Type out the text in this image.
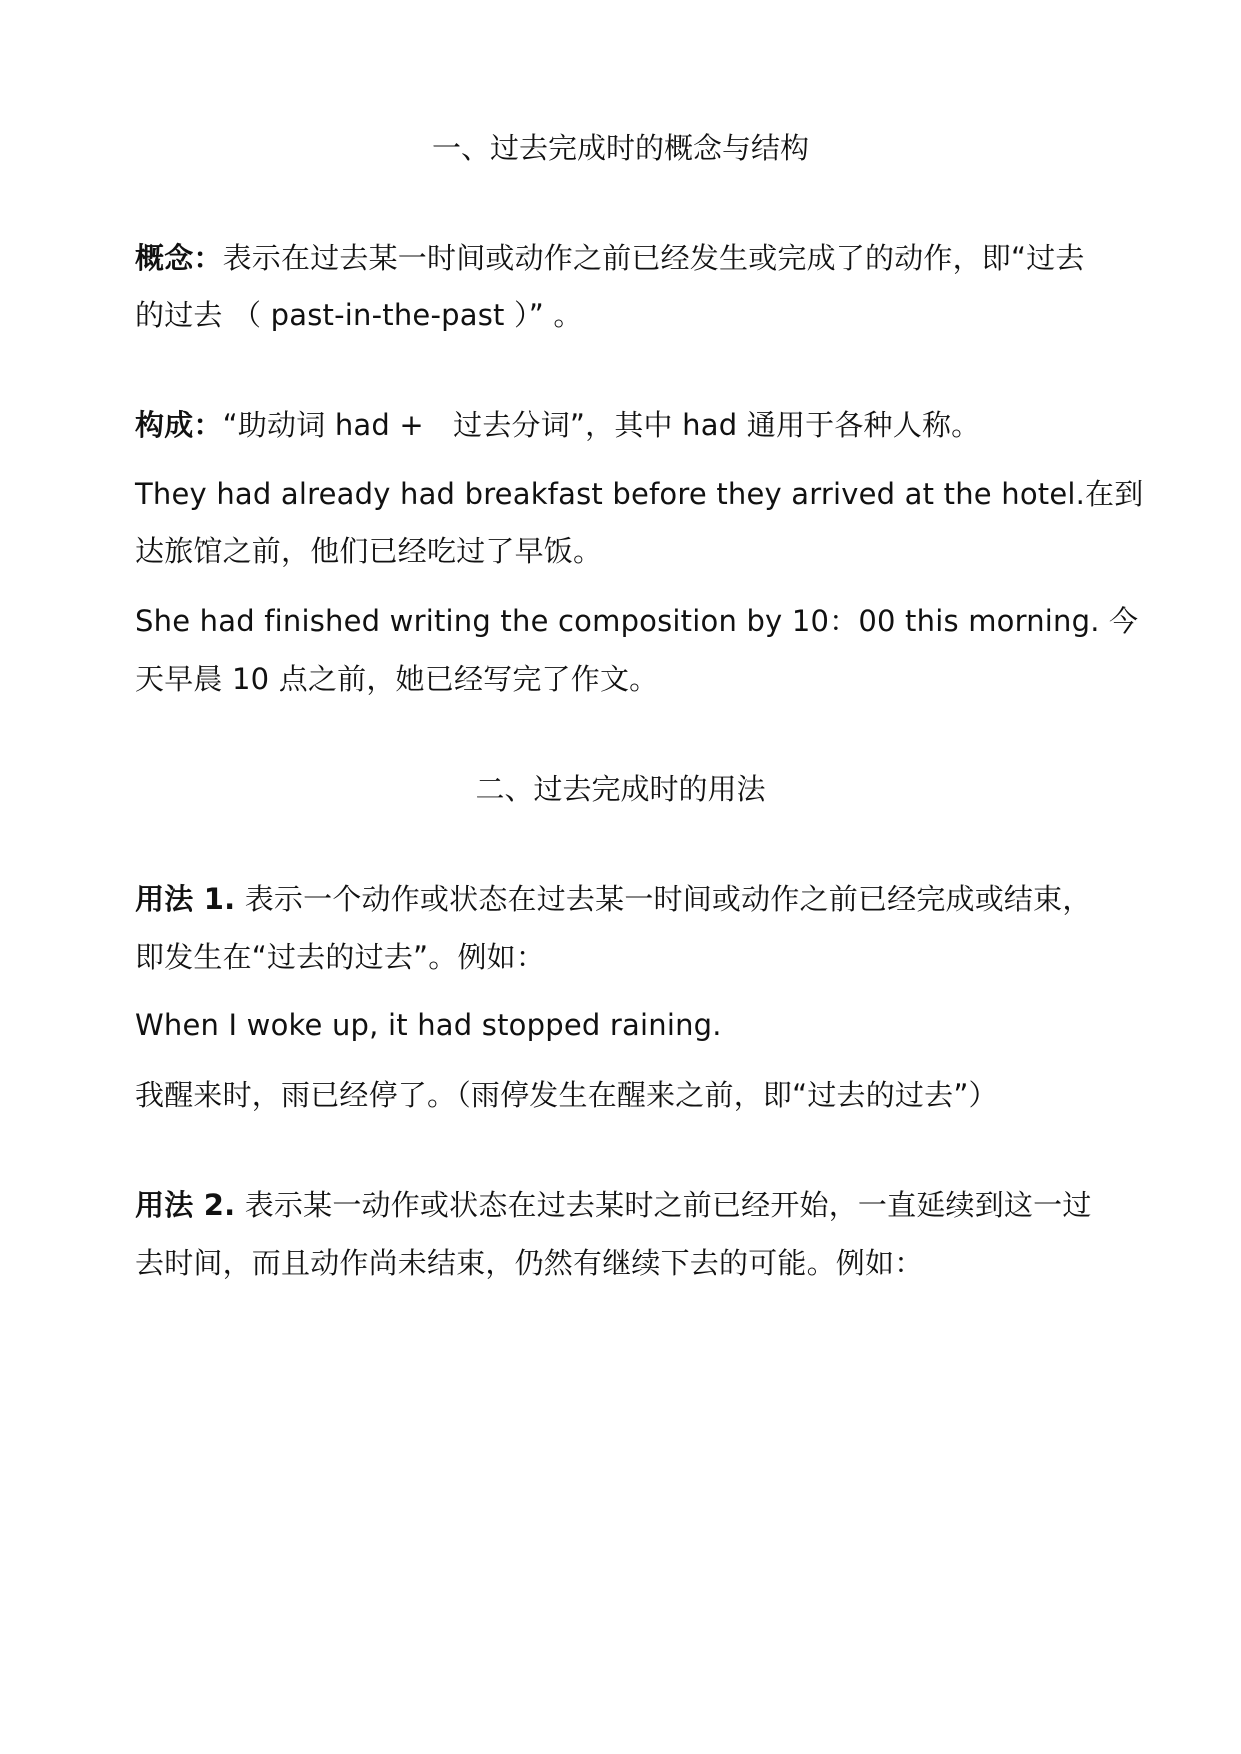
一、过去完成时的概念与结构
概念：表示在过去某一时间或动作之前已经发生或完成了的动作，即“过去
的过去 （ past-in-the-past ）” 。
构成：“助动词 had +　过去分词”，其中 had 通用于各种人称。
They had already had breakfast before they arrived at the hotel.在到
达旅馆之前，他们已经吃过了早饭。
She had finished writing the composition by 10：00 this morning. 今
天早晨 10 点之前，她已经写完了作文。
二、过去完成时的用法
用法 1. 表示一个动作或状态在过去某一时间或动作之前已经完成或结束，
即发生在“过去的过去”。例如：
When I woke up, it had stopped raining.
我醒来时，雨已经停了。（雨停发生在醒来之前，即“过去的过去”）
用法 2. 表示某一动作或状态在过去某时之前已经开始，一直延续到这一过
去时间，而且动作尚未结束，仍然有继续下去的可能。例如：
